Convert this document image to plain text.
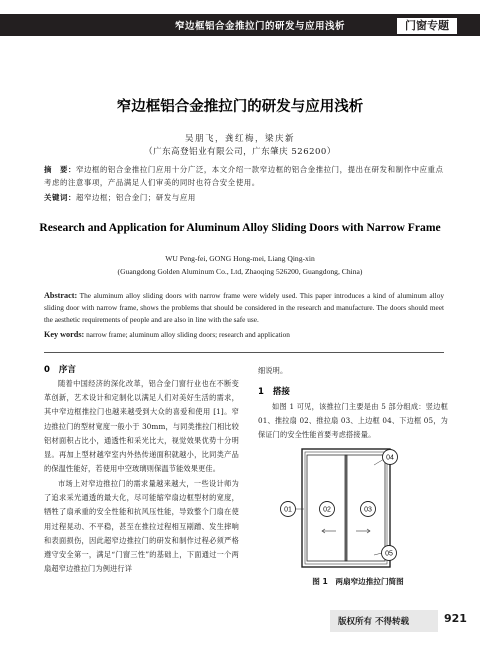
窄边框铝合金推拉门的研发与应用浅析	门窗专题
窄边框铝合金推拉门的研发与应用浅析
吴朋飞，龚红梅，梁庆新
（广东高登铝业有限公司，广东肇庆 526200）
摘　要：窄边框的铝合金推拉门应用十分广泛，本文介绍一款窄边框的铝合金推拉门，提出在研发和制作中应重点考虑的注意事项，产品满足人们审美的同时也符合安全使用。
关键词：超窄边框；铝合金门；研发与应用
Research and Application for Aluminum Alloy Sliding Doors with Narrow Frame
WU Peng-fei, GONG Hong-mei, Liang Qing-xin
(Guangdong Golden Aluminum Co., Ltd, Zhaoqing 526200, Guangdong, China)
Abstract: The aluminum alloy sliding doors with narrow frame were widely used. This paper introduces a kind of aluminum alloy sliding door with narrow frame, shows the problems that should be considered in the research and manufacture. The doors should meet the aesthetic requirements of people and are also in line with the safe use.
Key words: narrow frame; aluminum alloy sliding doors; research and application
0 序言
随着中国经济的深化改革，铝合金门窗行业也在不断变革创新，艺术设计和定制化以满足人们对美好生活的需求，其中窄边框推拉门也越来越受到大众的喜爱和使用 [1]。窄边推拉门的型材宽度一般小于 30mm，与同类推拉门相比较铝材面积占比小，通透性和采光比大，视觉效果优势十分明显。再加上型材越窄室内外热传递面积就越小，比同类产品的保温性能好，若使用中空玻璃则保温节能效果更佳。
市场上对窄边推拉门的需求量越来越大，一些设计师为了追求采光通透的最大化，尽可能缩窄扇边框型材的宽度，牺牲了扇承重的安全性能和抗风压性能，导致整个门扇在使用过程晃动、不平稳，甚至在推拉过程相互剐蹭、发生摔响和表面损伤，因此超窄边推拉门的研发和制作过程必须严格遵守安全第一，满足“门窗三性”的基础上，下面通过一个两扇超窄边推拉门为例进行详
细说明。
1 搭接
如图 1 可见，该推拉门主要是由 5 部分组成：竖边框 01、推拉扇 02、推拉扇 03、上边框 04、下边框 05，为保证门的安全性能首要考虑搭接量。
04
01	02	03
05
图 1　两扇窄边推拉门简图
版权所有 不得转载	921
